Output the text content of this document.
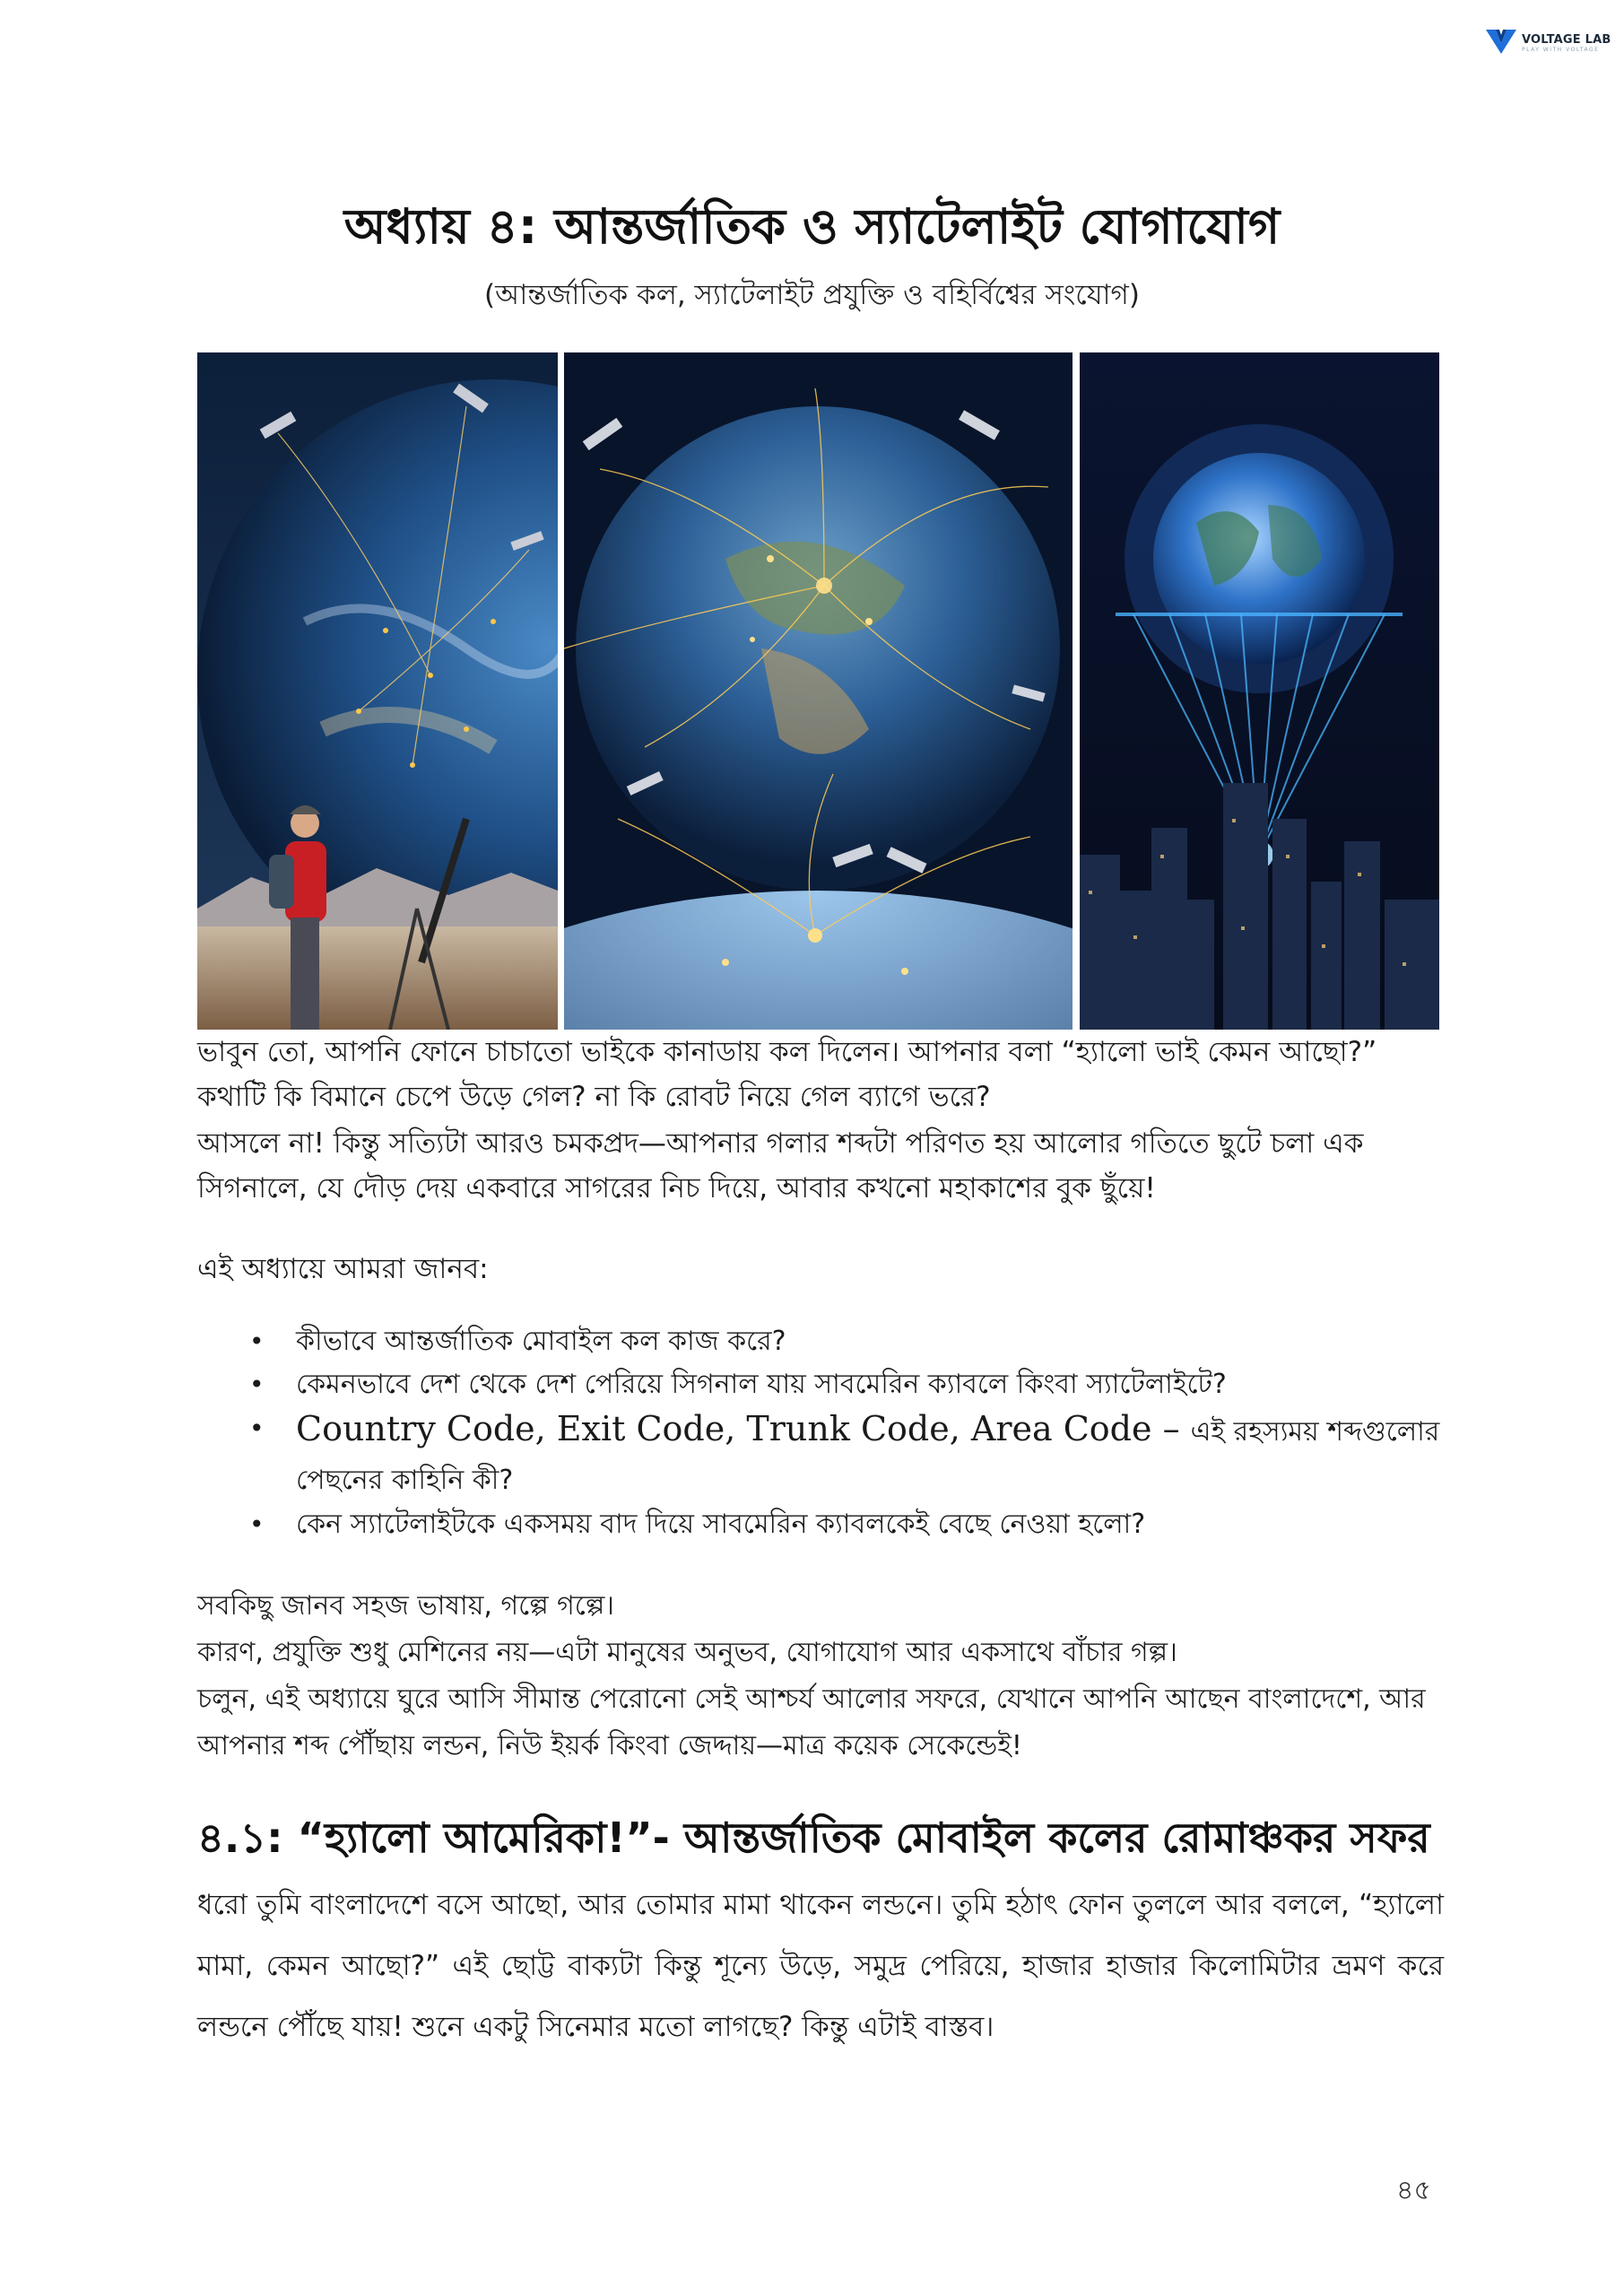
VOLTAGE LAB
PLAY WITH VOLTAGE
অধ্যায় ৪: আন্তর্জাতিক ও স্যাটেলাইট যোগাযোগ

(আন্তর্জাতিক কল, স্যাটেলাইট প্রযুক্তি ও বহির্বিশ্বের সংযোগ)

ভাবুন তো, আপনি ফোনে চাচাতো ভাইকে কানাডায় কল দিলেন। আপনার বলা “হ্যালো ভাই কেমন আছো?” কথাটি কি বিমানে চেপে উড়ে গেল? না কি রোবট নিয়ে গেল ব্যাগে ভরে?

আসলে না! কিন্তু সত্যিটা আরও চমকপ্রদ—আপনার গলার শব্দটা পরিণত হয় আলোর গতিতে ছুটে চলা এক সিগনালে, যে দৌড় দেয় একবারে সাগরের নিচ দিয়ে, আবার কখনো মহাকাশের বুক ছুঁয়ে!

এই অধ্যায়ে আমরা জানব:

• কীভাবে আন্তর্জাতিক মোবাইল কল কাজ করে?
• কেমনভাবে দেশ থেকে দেশ পেরিয়ে সিগনাল যায় সাবমেরিন ক্যাবলে কিংবা স্যাটেলাইটে?
• Country Code, Exit Code, Trunk Code, Area Code – এই রহস্যময় শব্দগুলোর পেছনের কাহিনি কী?
• কেন স্যাটেলাইটকে একসময় বাদ দিয়ে সাবমেরিন ক্যাবলকেই বেছে নেওয়া হলো?
সবকিছু জানব সহজ ভাষায়, গল্পে গল্পে।
কারণ, প্রযুক্তি শুধু মেশিনের নয়—এটা মানুষের অনুভব, যোগাযোগ আর একসাথে বাঁচার গল্প।
চলুন, এই অধ্যায়ে ঘুরে আসি সীমান্ত পেরোনো সেই আশ্চর্য আলোর সফরে, যেখানে আপনি আছেন বাংলাদেশে, আর আপনার শব্দ পৌঁছায় লন্ডন, নিউ ইয়র্ক কিংবা জেদ্দায়—মাত্র কয়েক সেকেন্ডেই!
৪.১: “হ্যালো আমেরিকা!”- আন্তর্জাতিক মোবাইল কলের রোমাঞ্চকর সফর

ধরো তুমি বাংলাদেশে বসে আছো, আর তোমার মামা থাকেন লন্ডনে। তুমি হঠাৎ ফোন তুললে আর বললে, “হ্যালো মামা, কেমন আছো?” এই ছোট্ট বাক্যটা কিন্তু শূন্যে উড়ে, সমুদ্র পেরিয়ে, হাজার হাজার কিলোমিটার ভ্রমণ করে লন্ডনে পৌঁছে যায়! শুনে একটু সিনেমার মতো লাগছে? কিন্তু এটাই বাস্তব।

৪৫
